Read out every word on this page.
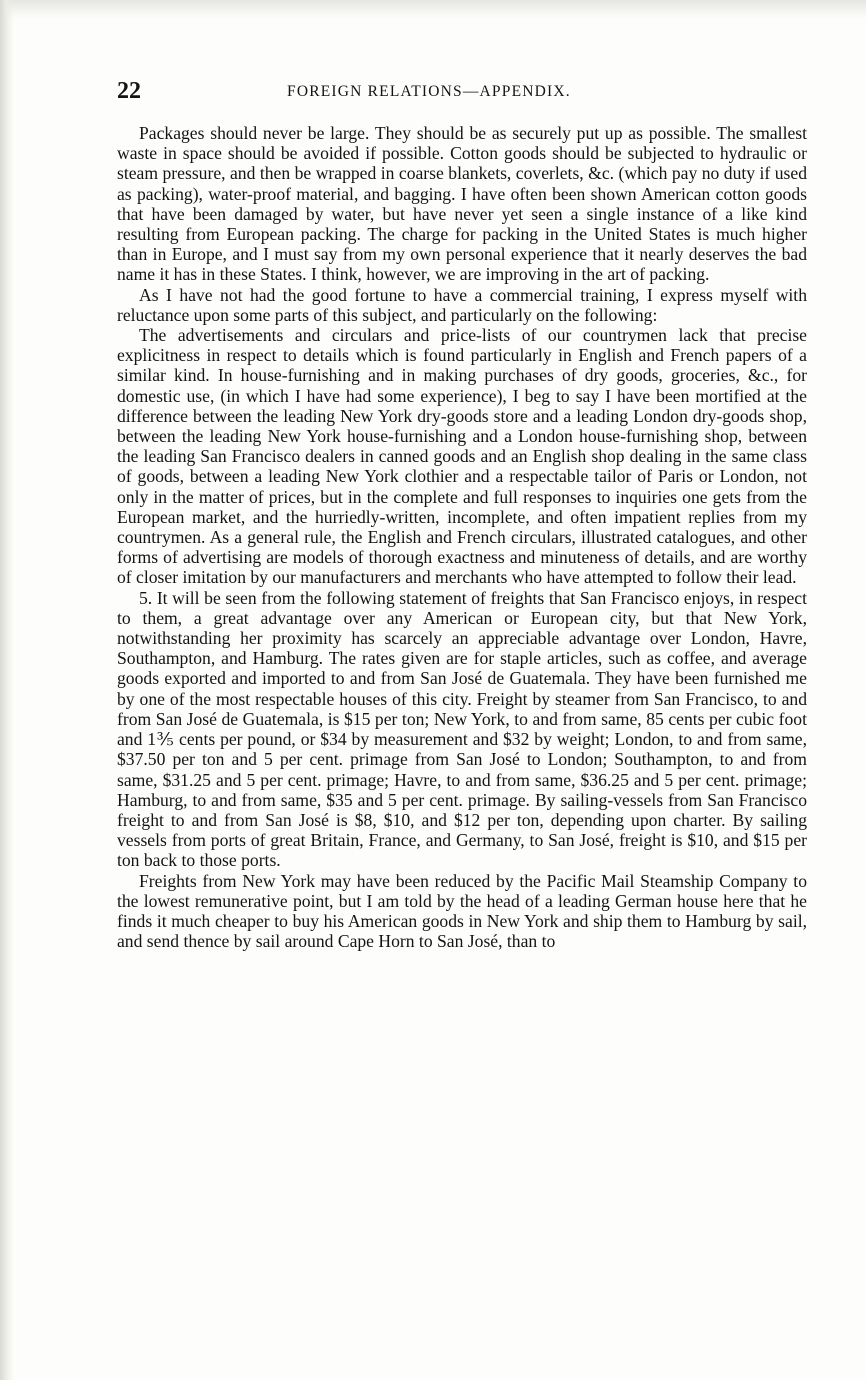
22	FOREIGN RELATIONS—APPENDIX.

Packages should never be large. They should be as securely put up as possible. The smallest waste in space should be avoided if possible. Cotton goods should be subjected to hydraulic or steam pressure, and then be wrapped in coarse blankets, coverlets, &c. (which pay no duty if used as packing), water-proof material, and bagging. I have often been shown American cotton goods that have been damaged by water, but have never yet seen a single instance of a like kind resulting from European packing. The charge for packing in the United States is much higher than in Europe, and I must say from my own personal experience that it nearly deserves the bad name it has in these States. I think, however, we are improving in the art of packing.

As I have not had the good fortune to have a commercial training, I express myself with reluctance upon some parts of this subject, and particularly on the following:

The advertisements and circulars and price-lists of our countrymen lack that precise explicitness in respect to details which is found particularly in English and French papers of a similar kind. In house-furnishing and in making purchases of dry goods, groceries, &c., for domestic use, (in which I have had some experience), I beg to say I have been mortified at the difference between the leading New York dry-goods store and a leading London dry-goods shop, between the leading New York house-furnishing and a London house-furnishing shop, between the leading San Francisco dealers in canned goods and an English shop dealing in the same class of goods, between a leading New York clothier and a respectable tailor of Paris or London, not only in the matter of prices, but in the complete and full responses to inquiries one gets from the European market, and the hurriedly-written, incomplete, and often impatient replies from my countrymen. As a general rule, the English and French circulars, illustrated catalogues, and other forms of advertising are models of thorough exactness and minuteness of details, and are worthy of closer imitation by our manufacturers and merchants who have attempted to follow their lead.

5. It will be seen from the following statement of freights that San Francisco enjoys, in respect to them, a great advantage over any American or European city, but that New York, notwithstanding her proximity has scarcely an appreciable advantage over London, Havre, Southampton, and Hamburg. The rates given are for staple articles, such as coffee, and average goods exported and imported to and from San José de Guatemala. They have been furnished me by one of the most respectable houses of this city. Freight by steamer from San Francisco, to and from San José de Guatemala, is $15 per ton; New York, to and from same, 85 cents per cubic foot and 1⅗ cents per pound, or $34 by measurement and $32 by weight; London, to and from same, $37.50 per ton and 5 per cent. primage from San José to London; Southampton, to and from same, $31.25 and 5 per cent. primage; Havre, to and from same, $36.25 and 5 per cent. primage; Hamburg, to and from same, $35 and 5 per cent. primage. By sailing-vessels from San Francisco freight to and from San José is $8, $10, and $12 per ton, depending upon charter. By sailing vessels from ports of great Britain, France, and Germany, to San José, freight is $10, and $15 per ton back to those ports.

Freights from New York may have been reduced by the Pacific Mail Steamship Company to the lowest remunerative point, but I am told by the head of a leading German house here that he finds it much cheaper to buy his American goods in New York and ship them to Hamburg by sail, and send thence by sail around Cape Horn to San José, than to
